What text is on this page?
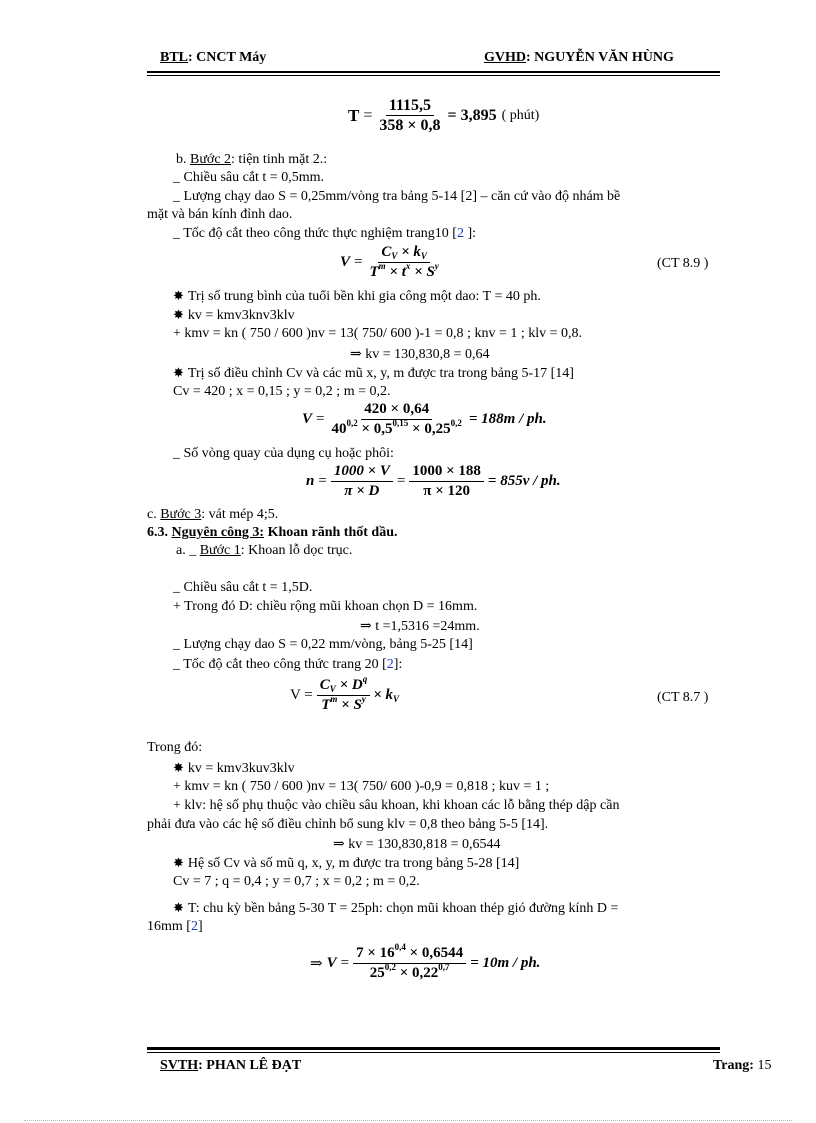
BTL: CNCT Máy	GVHD: NGUYỄN VĂN HÙNG
$T = \frac{1115,5}{358 \times 0,8} = 3,895$ ( phút)
b. Bước 2: tiện tinh mặt 2.:
_ Chiều sâu cắt t = 0,5mm.
_ Lượng chạy dao S = 0,25mm/vòng tra bảng 5-14 [2] – căn cứ vào độ nhám bề
mặt và bán kính đỉnh dao.
_ Tốc độ cắt theo công thức thực nghiệm trang10 [2 ]:
$V = \frac{C_V \times k_V}{T^m \times t^x \times S^y}$	(CT 8.9 )
✸ Trị số trung bình của tuổi bền khi gia công một dao: T = 40 ph.
✸ kv = kmv3knv3klv
+ kmv = kn ( 750 / 600 )nv = 13( 750/ 600 )-1 = 0,8 ; knv = 1 ; klv = 0,8.
⇒ kv = 130,830,8 = 0,64
✸ Trị số điều chỉnh Cv và các mũ x, y, m được tra trong bảng 5-17 [14]
Cv = 420 ; x = 0,15 ; y = 0,2 ; m = 0,2.
$V = \frac{420 \times 0,64}{40^{0,2} \times 0,5^{0,15} \times 0,25^{0,2}} = 188m$ / ph.
_ Số vòng quay của dụng cụ hoặc phôi:
$n = \frac{1000 \times V}{\pi \times D} = \frac{1000 \times 188}{\pi \times 120} = 855v$ / ph.
c. Bước 3: vát mép 4;5.
6.3. Nguyên công 3: Khoan rãnh thốt dầu.
a. _ Bước 1: Khoan lỗ dọc trục.
_ Chiều sâu cắt t = 1,5D.
+ Trong đó D: chiều rộng mũi khoan chọn D = 16mm.
⇒ t =1,5316 =24mm.
_ Lượng chạy dao S = 0,22 mm/vòng, bảng 5-25 [14]
_ Tốc độ cắt theo công thức trang 20 [2]:
$V = \frac{C_V \times D^q}{T^m \times S^y} \times k_V$	(CT 8.7 )
Trong đó:
✸ kv = kmv3kuv3klv
+ kmv = kn ( 750 / 600 )nv = 13( 750/ 600 )-0,9 = 0,818 ; kuv = 1 ;
+ klv: hệ số phụ thuộc vào chiều sâu khoan, khi khoan các lỗ bằng thép dập cần
phải đưa vào các hệ số điều chỉnh bổ sung klv = 0,8 theo bảng 5-5 [14].
⇒ kv = 130,830,818 = 0,6544
✸ Hệ số Cv và số mũ q, x, y, m được tra trong bảng 5-28 [14]
Cv = 7 ; q = 0,4 ; y = 0,7 ; x = 0,2 ; m = 0,2.
✸ T: chu kỳ bền bảng 5-30 T = 25ph: chọn mũi khoan thép gió đường kính D =
16mm [2]
⇒ $V = \frac{7 \times 16^{0,4} \times 0,6544}{25^{0,2} \times 0,22^{0,7}} = 10m$ / ph.
SVTH: PHAN LÊ ĐẠT	Trang: 15
